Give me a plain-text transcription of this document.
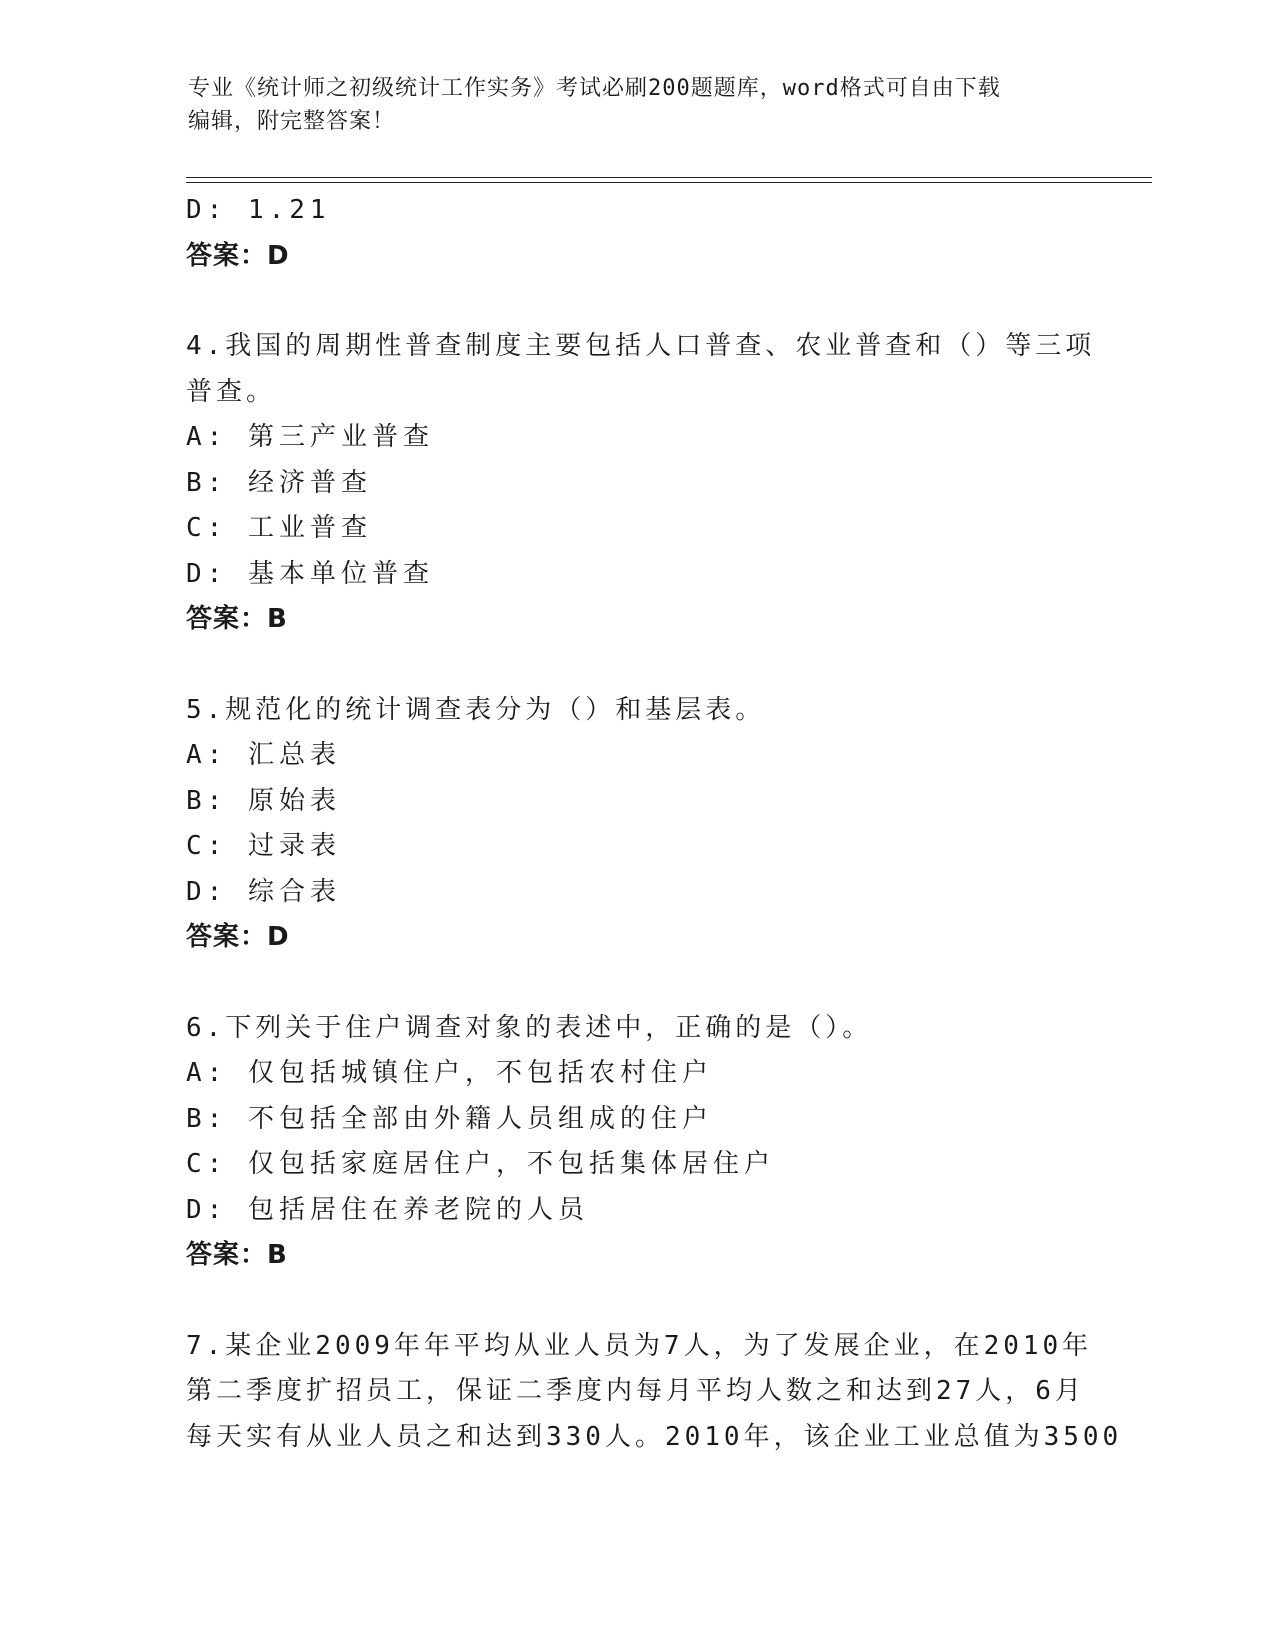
专业《统计师之初级统计工作实务》考试必刷200题题库，word格式可自由下载
编辑，附完整答案！
D: 1.21
答案：D
4.我国的周期性普查制度主要包括人口普查、农业普查和（）等三项
普查。
A: 第三产业普查
B: 经济普查
C: 工业普查
D: 基本单位普查
答案：B
5.规范化的统计调查表分为（）和基层表。
A: 汇总表
B: 原始表
C: 过录表
D: 综合表
答案：D
6.下列关于住户调查对象的表述中，正确的是（）。
A: 仅包括城镇住户，不包括农村住户
B: 不包括全部由外籍人员组成的住户
C: 仅包括家庭居住户，不包括集体居住户
D: 包括居住在养老院的人员
答案：B
7.某企业2009年年平均从业人员为7人，为了发展企业，在2010年
第二季度扩招员工，保证二季度内每月平均人数之和达到27人，6月
每天实有从业人员之和达到330人。2010年，该企业工业总值为3500
